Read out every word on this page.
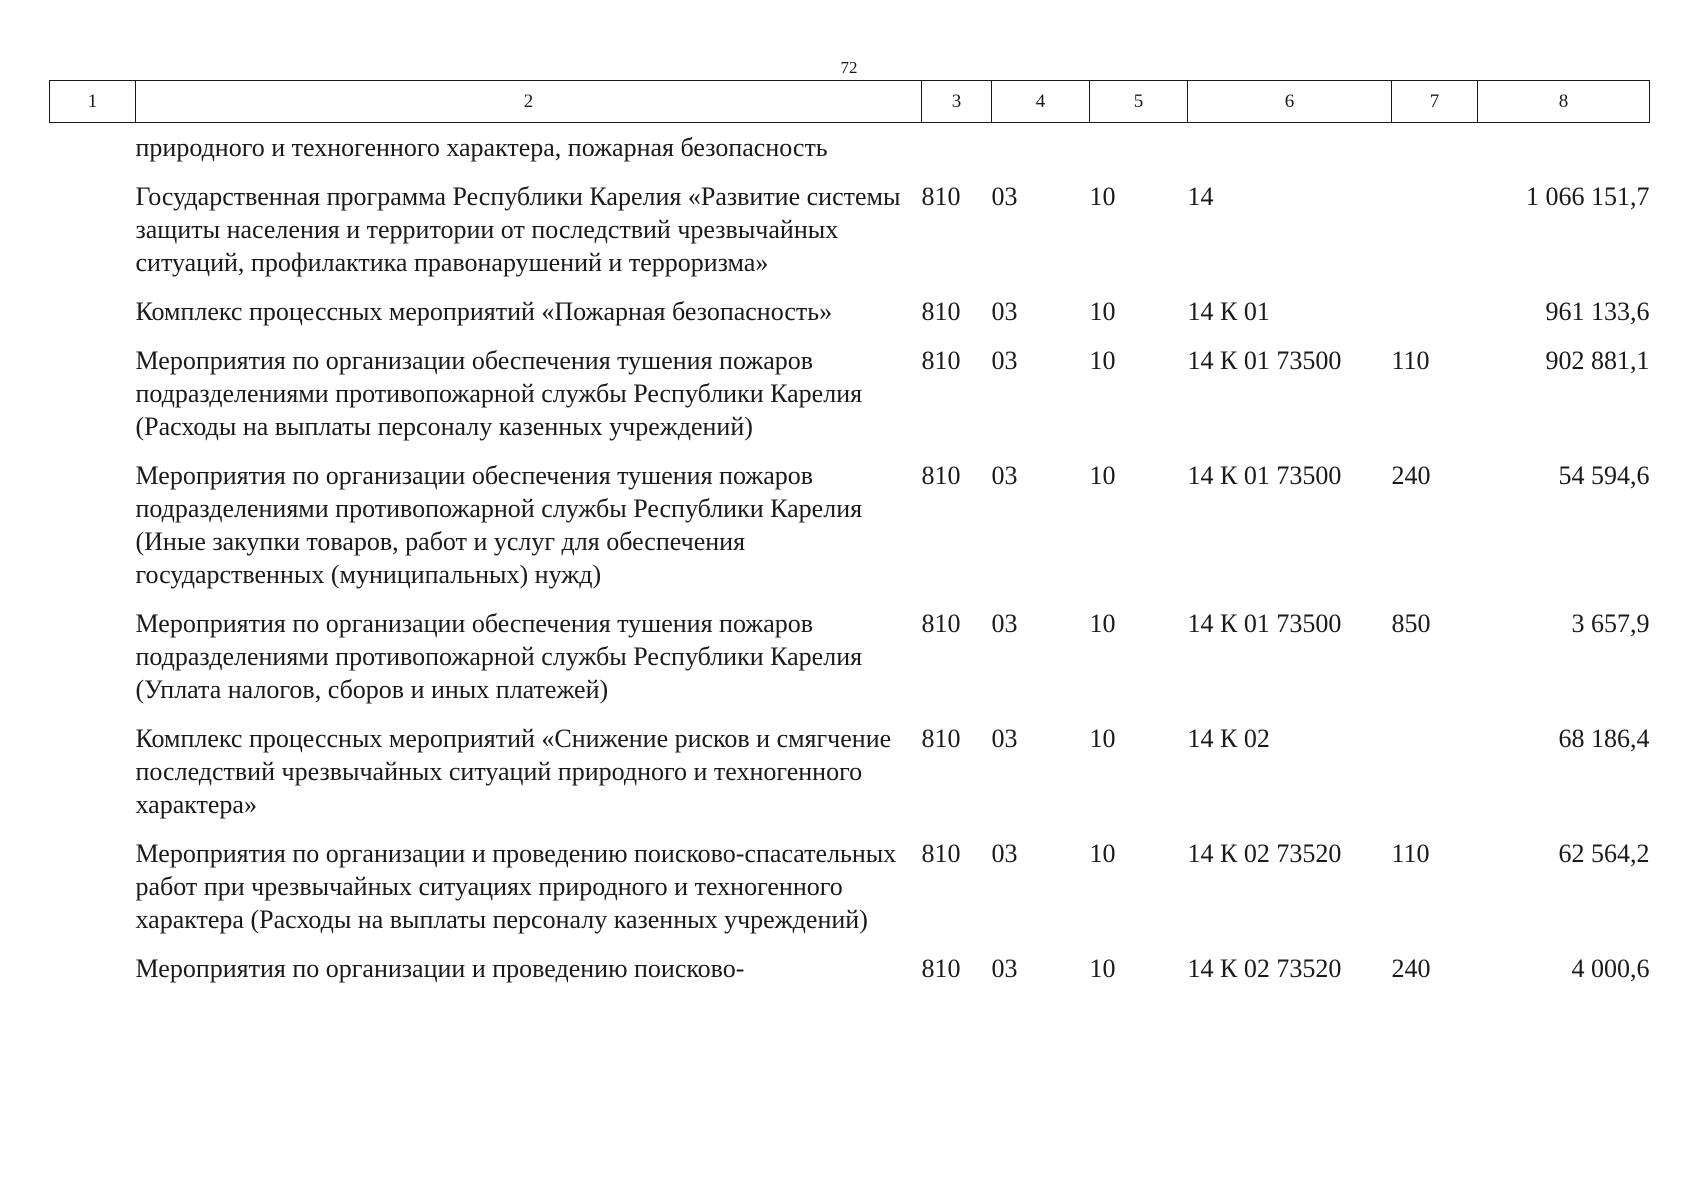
72
1	2	3	4	5	6	7	8
	природного и техногенного характера, пожарная безопасность						
	Государственная программа Республики Карелия «Развитие системы защиты населения и территории от последствий чрезвычайных ситуаций, профилактика правонарушений и терроризма»	810	03	10	14		1 066 151,7
	Комплекс процессных мероприятий «Пожарная безопасность»	810	03	10	14 К 01		961 133,6
	Мероприятия по организации обеспечения тушения пожаров подразделениями противопожарной службы Республики Карелия (Расходы на выплаты персоналу казенных учреждений)	810	03	10	14 К 01 73500	110	902 881,1
	Мероприятия по организации обеспечения тушения пожаров подразделениями противопожарной службы Республики Карелия (Иные закупки товаров, работ и услуг для обеспечения государственных (муниципальных) нужд)	810	03	10	14 К 01 73500	240	54 594,6
	Мероприятия по организации обеспечения тушения пожаров подразделениями противопожарной службы Республики Карелия (Уплата налогов, сборов и иных платежей)	810	03	10	14 К 01 73500	850	3 657,9
	Комплекс процессных мероприятий «Снижение рисков и смягчение последствий чрезвычайных ситуаций природного и техногенного характера»	810	03	10	14 К 02		68 186,4
	Мероприятия по организации и проведению поисково-спасательных работ при чрезвычайных ситуациях природного и техногенного характера (Расходы на выплаты персоналу казенных учреждений)	810	03	10	14 К 02 73520	110	62 564,2
	Мероприятия по организации и проведению поисково-	810	03	10	14 К 02 73520	240	4 000,6
